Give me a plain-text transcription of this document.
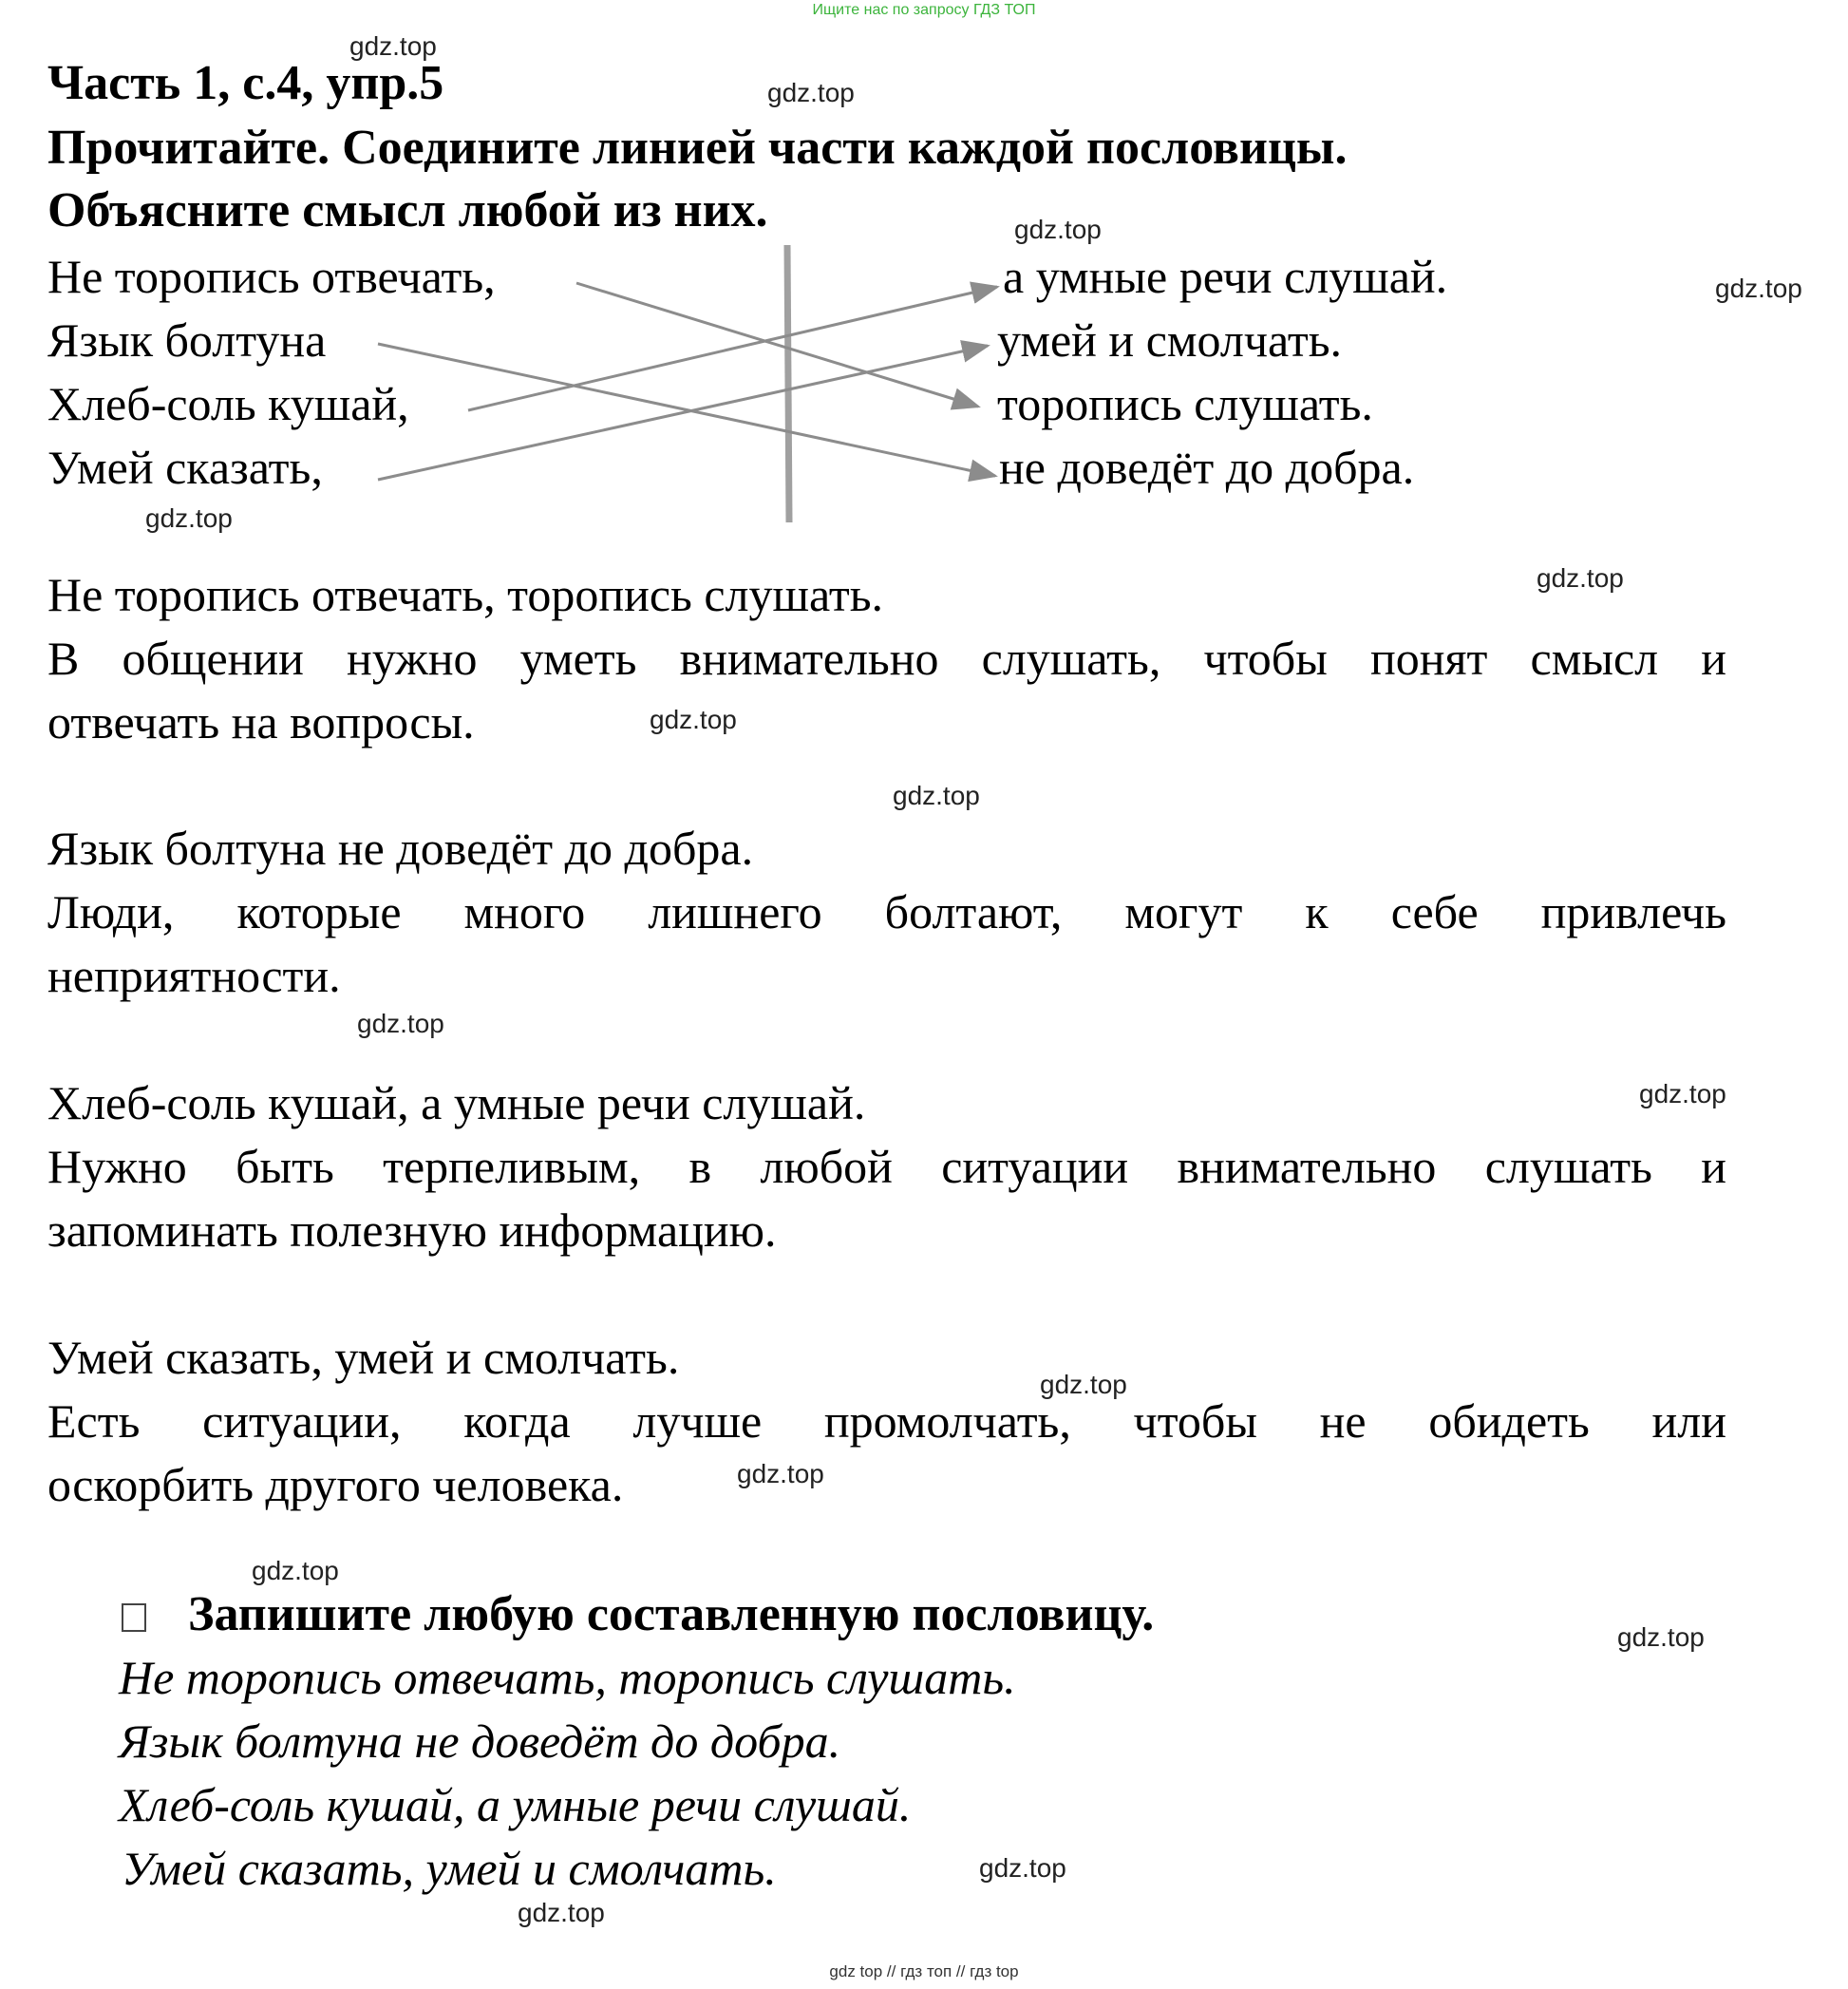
Ищите нас по запросу ГДЗ ТОП
gdz top // гдз топ // гдз top
Часть 1, с.4, упр.5
Прочитайте. Соедините линией части каждой пословицы.
Объясните смысл любой из них.
Не торопись отвечать,
Язык болтуна
Хлеб-соль кушай,
Умей сказать,
а умные речи слушай.
умей и смолчать.
торопись слушать.
не доведёт до добра.
Не торопись отвечать, торопись слушать.
В общении нужно уметь внимательно слушать, чтобы понят смысл и
отвечать на вопросы.
Язык болтуна не доведёт до добра.
Люди, которые много лишнего болтают, могут к себе привлечь
неприятности.
Хлеб-соль кушай, а умные речи слушай.
Нужно быть терпеливым, в любой ситуации внимательно слушать и
запоминать полезную информацию.
Умей сказать, умей и смолчать.
Есть ситуации, когда лучше промолчать, чтобы не обидеть или
оскорбить другого человека.
Запишите любую составленную пословицу.
Не торопись отвечать, торопись слушать.
Язык болтуна не доведёт до добра.
Хлеб-соль кушай, а умные речи слушай.
Умей сказать, умей и смолчать.
gdz.top
gdz.top
gdz.top
gdz.top
gdz.top
gdz.top
gdz.top
gdz.top
gdz.top
gdz.top
gdz.top
gdz.top
gdz.top
gdz.top
gdz.top
gdz.top
